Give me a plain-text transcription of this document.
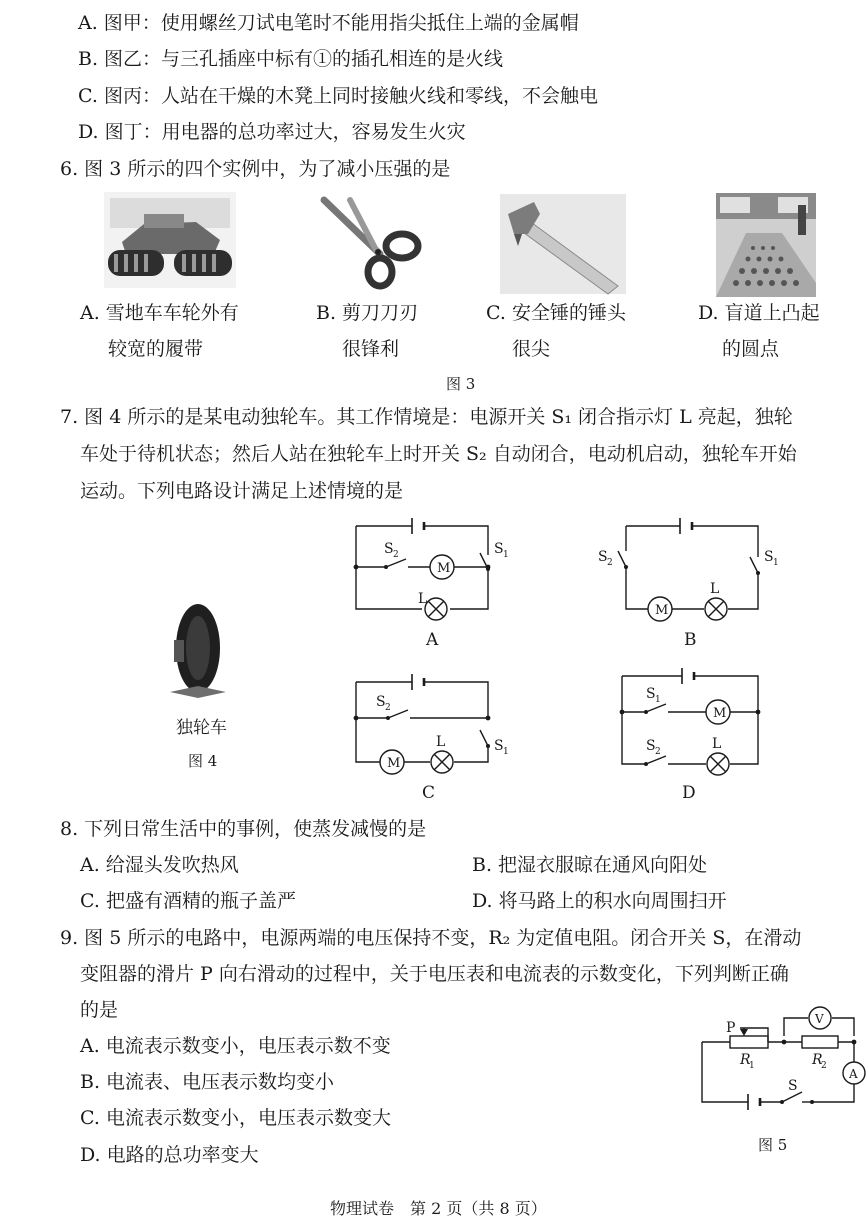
A. 图甲：使用螺丝刀试电笔时不能用指尖抵住上端的金属帽
B. 图乙：与三孔插座中标有①的插孔相连的是火线
C. 图丙：人站在干燥的木凳上同时接触火线和零线，不会触电
D. 图丁：用电器的总功率过大，容易发生火灾
6. 图 3 所示的四个实例中，为了减小压强的是
A. 雪地车车轮外有
较宽的履带
B. 剪刀刀刃
很锋利
C. 安全锤的锤头
很尖
D. 盲道上凸起
的圆点
图 3
7. 图 4 所示的是某电动独轮车。其工作情境是：电源开关 S₁ 闭合指示灯 L 亮起，独轮
车处于待机状态；然后人站在独轮车上时开关 S₂ 自动闭合，电动机启动，独轮车开始
运动。下列电路设计满足上述情境的是
独轮车
图 4
M
L
S 2	S 1
A
M
L
S 2	S 1
B
M
L
S 2
S 1
C
M
L
S 1
S 2
D
8. 下列日常生活中的事例，使蒸发减慢的是
A. 给湿头发吹热风	B. 把湿衣服晾在通风向阳处
C. 把盛有酒精的瓶子盖严	D. 将马路上的积水向周围扫开
9. 图 5 所示的电路中，电源两端的电压保持不变，R₂ 为定值电阻。闭合开关 S，在滑动
变阻器的滑片 P 向右滑动的过程中，关于电压表和电流表的示数变化，下列判断正确
的是
A. 电流表示数变小，电压表示数不变
B. 电流表、电压表示数均变小
C. 电流表示数变小，电压表示数变大
D. 电路的总功率变大
P
R
1	R
2
V
A
S
图 5
物理试卷　第 2 页（共 8 页）
